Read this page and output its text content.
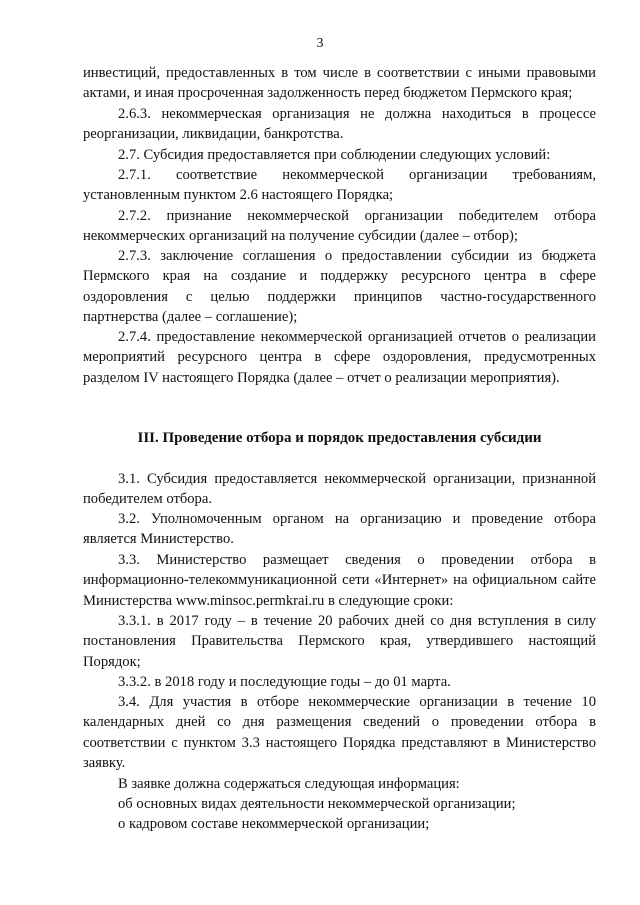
3

инвестиций, предоставленных в том числе в соответствии с иными правовыми актами, и иная просроченная задолженность перед бюджетом Пермского края;

2.6.3. некоммерческая организация не должна находиться в процессе реорганизации, ликвидации, банкротства.

2.7. Субсидия предоставляется при соблюдении следующих условий:

2.7.1. соответствие некоммерческой организации требованиям, установленным пунктом 2.6 настоящего Порядка;

2.7.2. признание некоммерческой организации победителем отбора некоммерческих организаций на получение субсидии (далее – отбор);

2.7.3. заключение соглашения о предоставлении субсидии из бюджета Пермского края на создание и поддержку ресурсного центра в сфере оздоровления с целью поддержки принципов частно-государственного партнерства (далее – соглашение);

2.7.4. предоставление некоммерческой организацией отчетов о реализации мероприятий ресурсного центра в сфере оздоровления, предусмотренных разделом IV настоящего Порядка (далее – отчет о реализации мероприятия).

III. Проведение отбора и порядок предоставления субсидии

3.1. Субсидия предоставляется некоммерческой организации, признанной победителем отбора.

3.2. Уполномоченным органом на организацию и проведение отбора является Министерство.

3.3. Министерство размещает сведения о проведении отбора в информационно-телекоммуникационной сети «Интернет» на официальном сайте Министерства www.minsoc.permkrai.ru в следующие сроки:

3.3.1. в 2017 году – в течение 20 рабочих дней со дня вступления в силу постановления Правительства Пермского края, утвердившего настоящий Порядок;

3.3.2. в 2018 году и последующие годы – до 01 марта.

3.4. Для участия в отборе некоммерческие организации в течение 10 календарных дней со дня размещения сведений о проведении отбора в соответствии с пунктом 3.3 настоящего Порядка представляют в Министерство заявку.

В заявке должна содержаться следующая информация:

об основных видах деятельности некоммерческой организации;

о кадровом составе некоммерческой организации;
